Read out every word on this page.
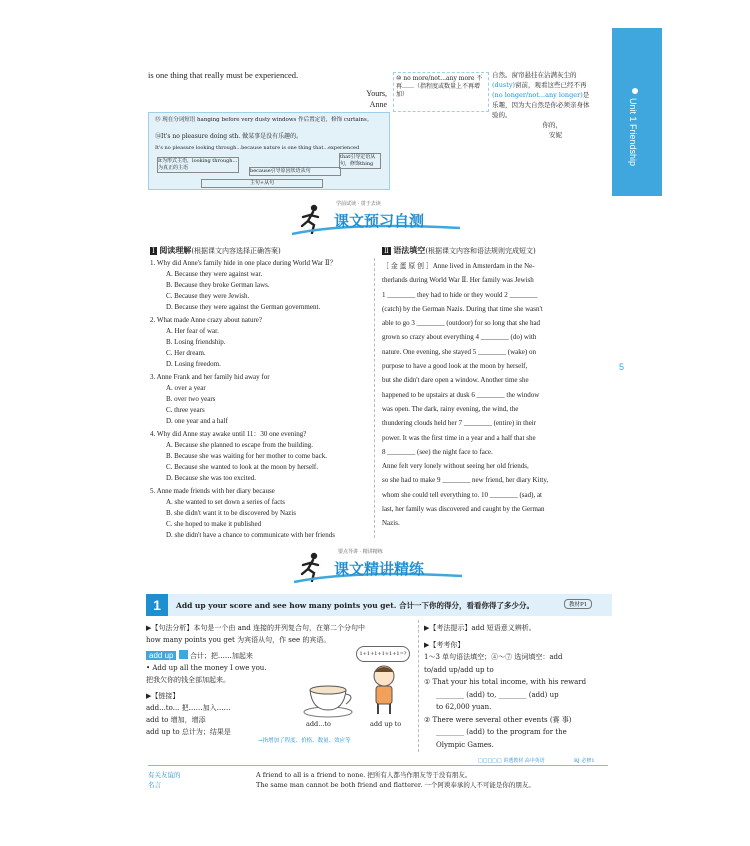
is one thing that really must be experienced.
Yours,
Anne
⑬ 现在分词短语 hanging before very dusty windows 作后置定语，修饰 curtains。
⑭It's no pleasure doing sth. 做某事是没有乐趣的。
It's no pleasure looking through...because nature is one thing that...experienced
It为形式主语，looking through... 为真正的主语	because引导原因状语从句
that引导定语从句，修饰thing
主句+从句
⑩ no more/not...any more 不再……（指程度或数量上不再增加）
自然。窗帘悬挂在沾满灰尘的(dusty)窗前，观看这些已经不再(no longer/not...any longer)是乐趣，因为大自然是你必须亲身体验的。
你的，
安妮	Unit 1 Friendship
5
学前试读 · 贯于去读
课文预习自测
Ⅰ 阅读理解(根据课文内容选择正确答案)
1. Why did Anne's family hide in one place during World War Ⅱ？
A. Because they were against war.
B. Because they broke German laws.
C. Because they were Jewish.
D. Because they were against the German government.
2. What made Anne crazy about nature?
A. Her fear of war.
B. Losing friendship.
C. Her dream.
D. Losing freedom.
3. Anne Frank and her family hid away for
A. over a year
B. over two years
C. three years
D. one year and a half
4. Why did Anne stay awake until 11：30 one evening?
A. Because she planned to escape from the building.
B. Because she was waiting for her mother to come back.
C. Because she wanted to look at the moon by herself.
D. Because she was too excited.
5. Anne made friends with her diary because
A. she wanted to set down a series of facts
B. she didn't want it to be discovered by Nazis
C. she hoped to make it published
D. she didn't have a chance to communicate with her friends
Ⅱ 语法填空(根据课文内容和语法规则完成短文)
［ 金 蛋 原 创 ］Anne lived in Amsterdam in the Ne-
therlands during World War Ⅱ. Her family was Jewish
1 ________ they had to hide or they would 2 ________
(catch) by the German Nazis. During that time she wasn't
able to go 3 ________ (outdoor) for so long that she had
grown so crazy about everything 4 ________ (do) with
nature. One evening, she stayed 5 ________ (wake) on
purpose to have a good look at the moon by herself,
but she didn't dare open a window. Another time she
happened to be upstairs at dusk 6 ________ the window
was open. The dark, rainy evening, the wind, the
thundering clouds held her 7 ________ (entire) in their
power. It was the first time in a year and a half that she
8 ________ (see) the night face to face.
Anne felt very lonely without seeing her old friends,
so she had to make 9 ________ new friend, her diary Kitty,
whom she could tell everything to. 10 ________ (sad), at
last, her family was discovered and caught by the German
Nazis.
要点导讲 · 精讲精练
课文精讲精练
1	Add up your score and see how many points you get. 合计一下你的得分，看看你得了多少分。	教材P1
▶【句法分析】本句是一个由 and 连接的并列复合句，在第二个分句中
how many points you get 为宾语从句，作 see 的宾语。
add up 合计；把……加起来
• Add up all the money I owe you.
把我欠你的钱全部加起来。
▶【链接】
add...to... 把……加入……
add to 增加，增添
add up to 总计为；结果是
→指增加了程度、价格、数量、效应等
add...to
1+1+1+1+1+1=?
add up to
▶【考法提示】add 短语意义辨析。
▶【考考你】
1～3 单句语法填空；④～⑦ 选词填空：add
to/add up/add up to
① That your his total income, with his reward
________ (add) to, ________ (add) up
to 62,000 yuan.
② There were several other events (赛 事)
________ (add) to the program for the
Olympic Games.
□□□□□ 讲透教材 高中英语	RJ 必修1
有关友谊的
名言
A friend to all is a friend to none. 把所有人都当作朋友等于没有朋友。
The same man cannot be both friend and flatterer. 一个阿谀奉承的人不可能是你的朋友。
